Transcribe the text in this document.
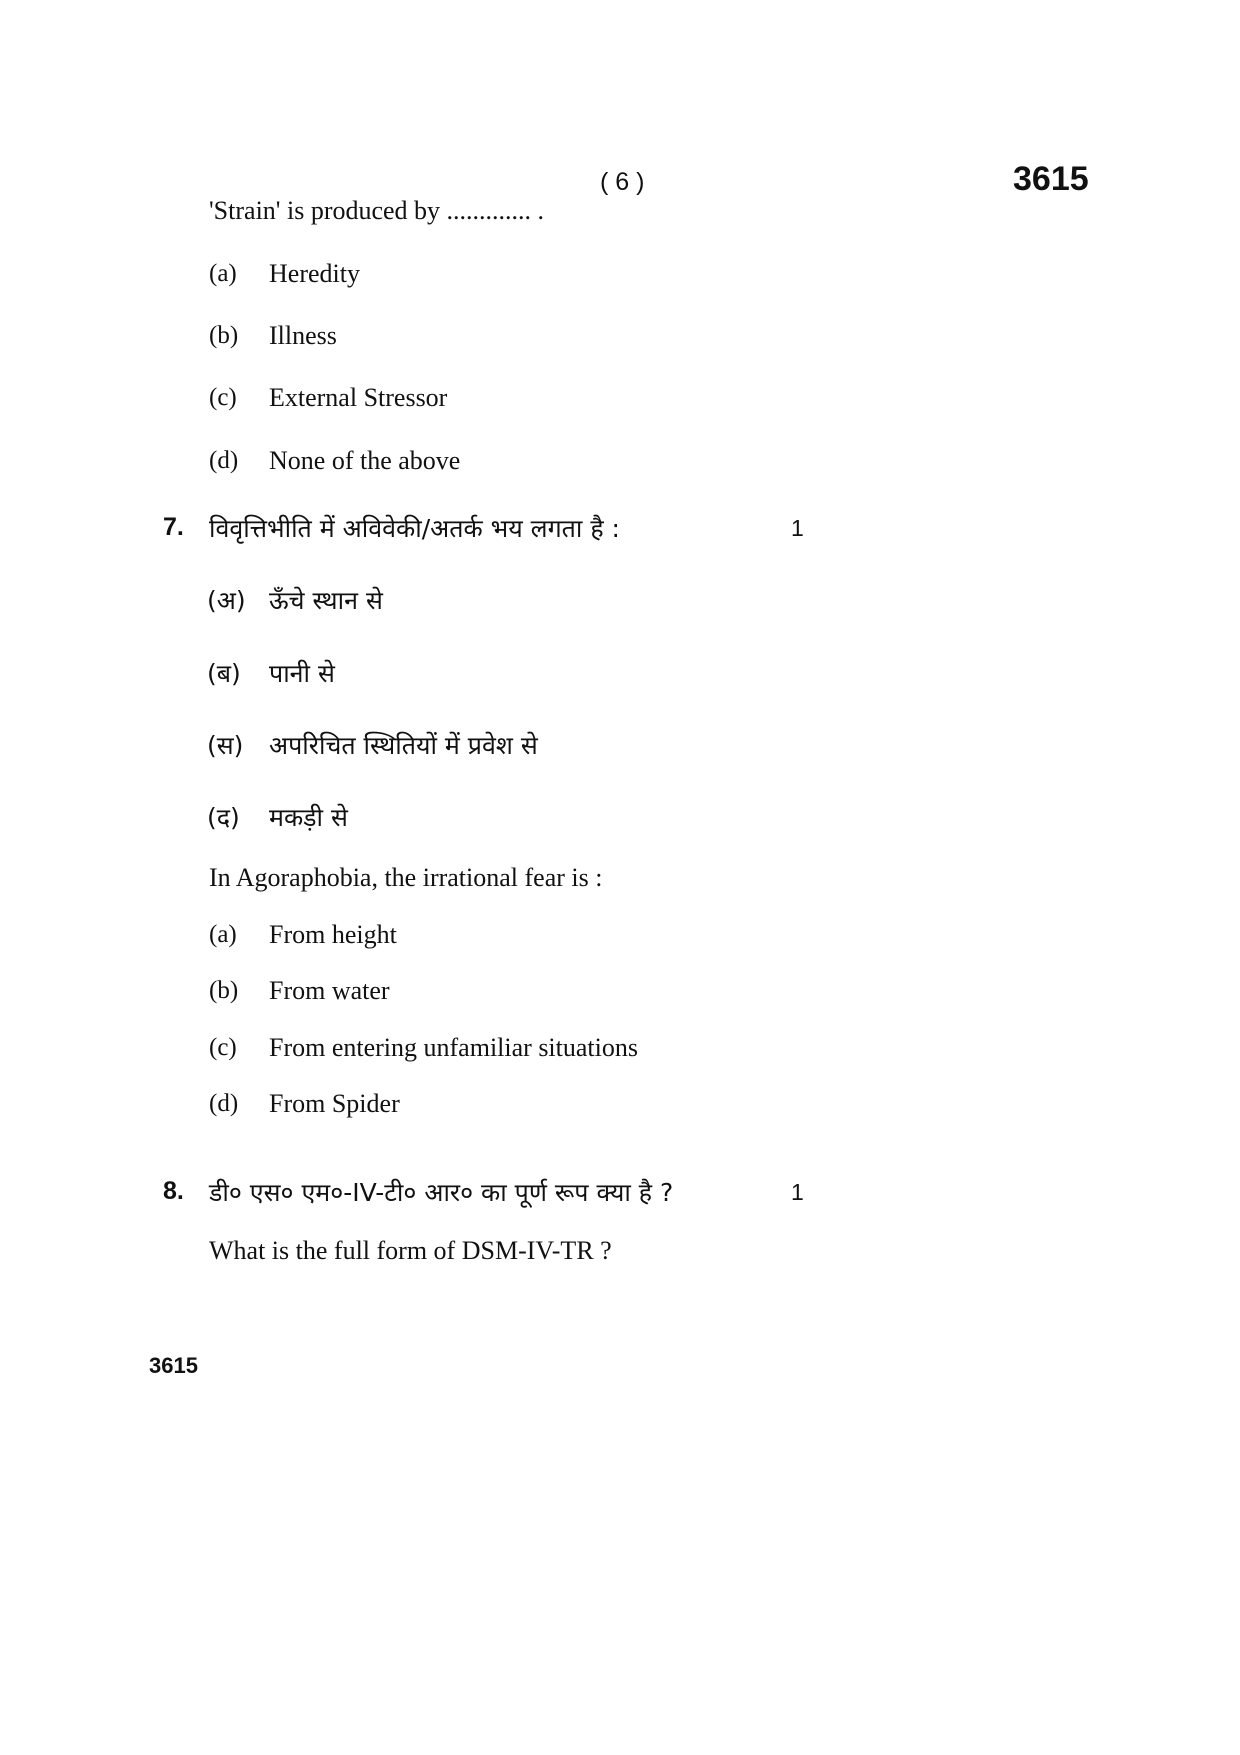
( 6 )	3615
'Strain' is produced by ............. .
(a) Heredity
(b) Illness
(c) External Stressor
(d) None of the above
7. विवृत्तिभीति में अविवेकी/अतर्क भय लगता है :	1
(अ) ऊँचे स्थान से
(ब) पानी से
(स) अपरिचित स्थितियों में प्रवेश से
(द) मकड़ी से
In Agoraphobia, the irrational fear is :
(a) From height
(b) From water
(c) From entering unfamiliar situations
(d) From Spider
8. डी० एस० एम०-IV-टी० आर० का पूर्ण रूप क्या है ?	1
What is the full form of DSM-IV-TR ?
3615
